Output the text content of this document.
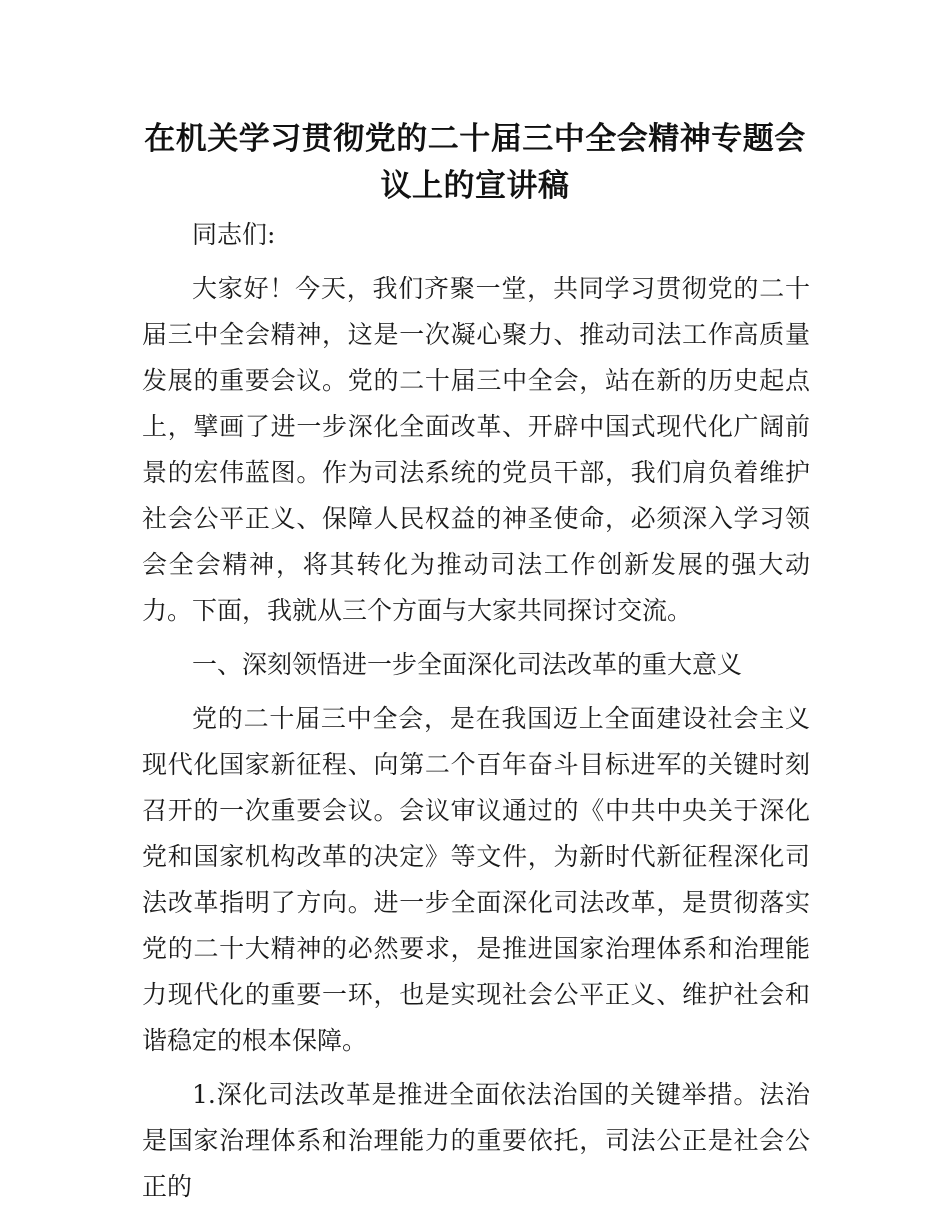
在机关学习贯彻党的二十届三中全会精神专题会议上的宣讲稿

同志们:

大家好！今天，我们齐聚一堂，共同学习贯彻党的二十届三中全会精神，这是一次凝心聚力、推动司法工作高质量发展的重要会议。党的二十届三中全会，站在新的历史起点上，擘画了进一步深化全面改革、开辟中国式现代化广阔前景的宏伟蓝图。作为司法系统的党员干部，我们肩负着维护社会公平正义、保障人民权益的神圣使命，必须深入学习领会全会精神，将其转化为推动司法工作创新发展的强大动力。下面，我就从三个方面与大家共同探讨交流。

一、深刻领悟进一步全面深化司法改革的重大意义

党的二十届三中全会，是在我国迈上全面建设社会主义现代化国家新征程、向第二个百年奋斗目标进军的关键时刻召开的一次重要会议。会议审议通过的《中共中央关于深化党和国家机构改革的决定》等文件，为新时代新征程深化司法改革指明了方向。进一步全面深化司法改革，是贯彻落实党的二十大精神的必然要求，是推进国家治理体系和治理能力现代化的重要一环，也是实现社会公平正义、维护社会和谐稳定的根本保障。

1.深化司法改革是推进全面依法治国的关键举措。法治是国家治理体系和治理能力的重要依托，司法公正是社会公正的
